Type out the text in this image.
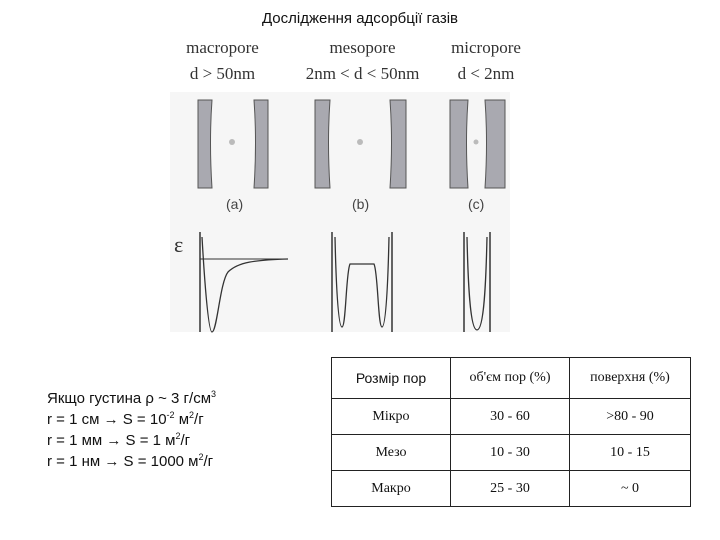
Дослідження адсорбції газів
macropore
d > 50nm
mesopore
2nm < d < 50nm
micropore
d < 2nm
(a)	(b)	(c)
ε
Якщо густина ρ ~ 3 $г/см^3$
r = 1 см → $S = 10^{-2}$ $м^2/г$
r = 1 мм → S = 1 $м^2/г$
r = 1 нм → S = 1000 $м^2/г$
Розмір пор	об'єм пор (%)	поверхня (%)
Мікро	30 - 60	>80 - 90
Мезо	10 - 30	10 - 15
Макро	25 - 30	~ 0
